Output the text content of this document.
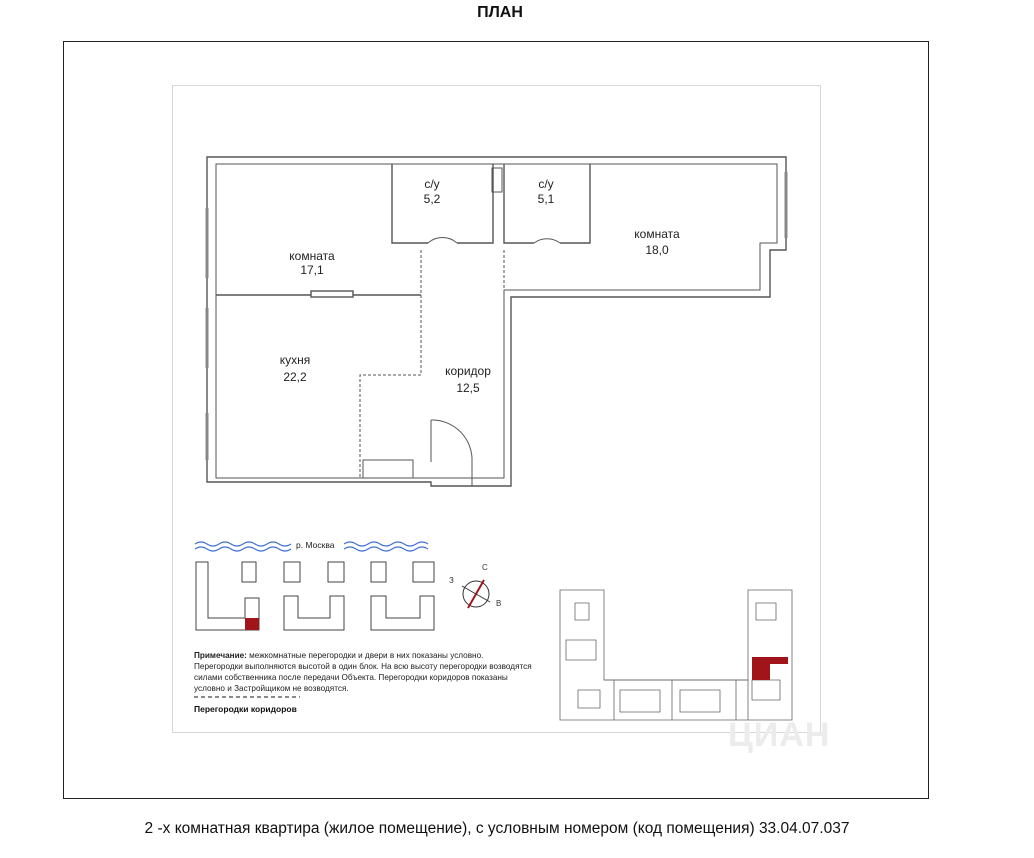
ПЛАН
комната
17,1
с/у
5,2
с/у
5,1
комната
18,0
кухня
22,2	коридор
12,5
р. Москва
С
З
В
Примечание: межкомнатные перегородки и двери в них показаны условно. Перегородки выполняются высотой в один блок. На всю высоту перегородки возводятся силами собственника после передачи Объекта. Перегородки коридоров показаны условно и Застройщиком не возводятся.
Перегородки коридоров
ЦИАН
2 -х комнатная квартира (жилое помещение), с условным номером (код помещения) 33.04.07.037
